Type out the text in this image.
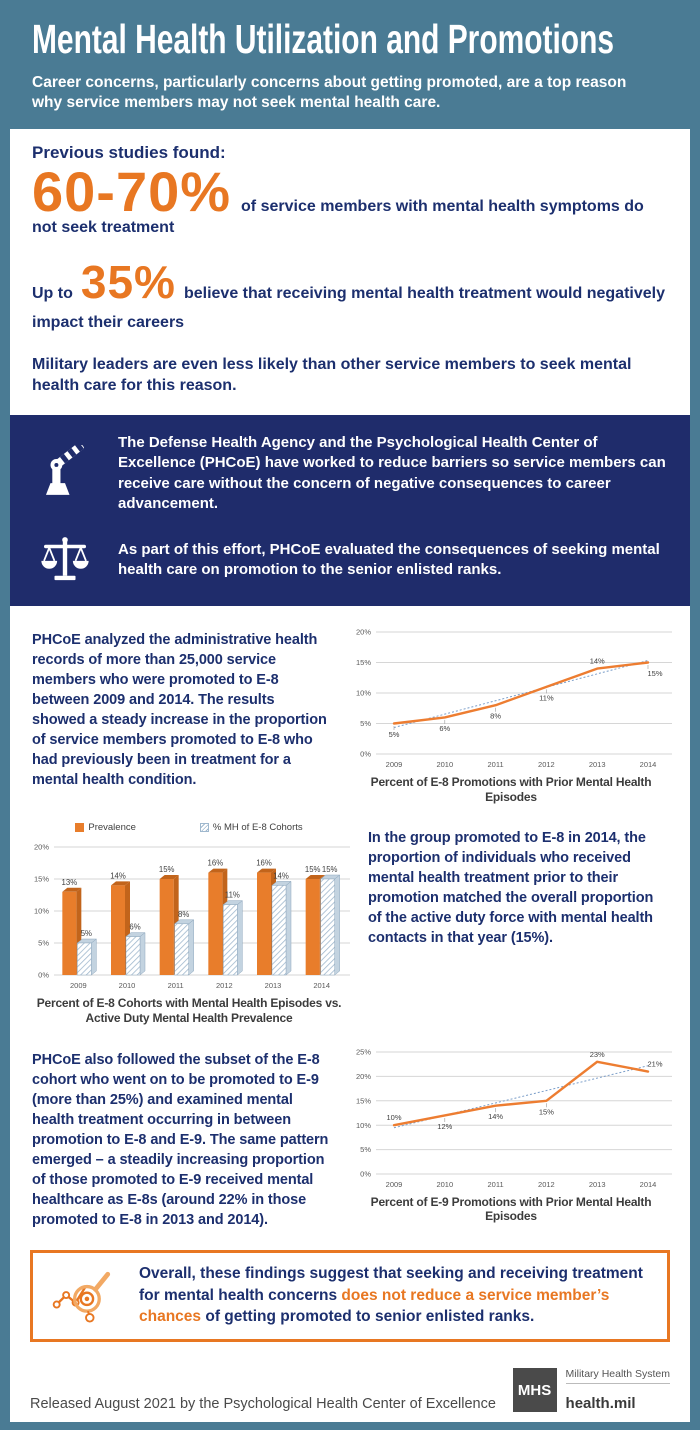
Mental Health Utilization and Promotions

Career concerns, particularly concerns about getting promoted, are a top reason why service members may not seek mental health care.

Previous studies found:

60-70% of service members with mental health symptoms do not seek treatment

Up to 35% believe that receiving mental health treatment would negatively impact their careers

Military leaders are even less likely than other service members to seek mental health care for this reason.

The Defense Health Agency and the Psychological Health Center of Excellence (PHCoE) have worked to reduce barriers so service members can receive care without the concern of negative consequences to career advancement.

As part of this effort, PHCoE evaluated the consequences of seeking mental health care on promotion to the senior enlisted ranks.

PHCoE analyzed the administrative health records of more than 25,000 service members who were promoted to E-8 between 2009 and 2014. The results showed a steady increase in the proportion of service members promoted to E-8 who had previously been in treatment for a mental health condition.

0%
5%
10%
15%
20%
2009	2010	2011	2012	2013	2014
5%
6%
8%
11%
14%
15%
Percent of E-8 Promotions with Prior Mental Health Episodes
Prevalence	% MH of E-8 Cohorts
0%
5%
10%
15%
20%
2009	2010	2011	2012	2013	2014
13%
5%
14%
6%
15%
8%
16%
11%
16%
14%
15% 15%
Percent of E-8 Cohorts with Mental Health Episodes vs. Active Duty Mental Health Prevalence

In the group promoted to E-8 in 2014, the proportion of individuals who received mental health treatment prior to their promotion matched the overall proportion of the active duty force with mental health contacts in that year (15%).

PHCoE also followed the subset of the E-8 cohort who went on to be promoted to E-9 (more than 25%) and examined mental health treatment occurring in between promotion to E-8 and E-9. The same pattern emerged – a steadily increasing proportion of those promoted to E-9 received mental healthcare as E-8s (around 22% in those promoted to E-8 in 2013 and 2014).

0%
5%
10%
15%
20%
25%
2009	2010	2011	2012	2013	2014
10%
12%
14%
15%
23%
21%
Percent of E-9 Promotions with Prior Mental Health Episodes

Overall, these findings suggest that seeking and receiving treatment for mental health concerns does not reduce a service member’s chances of getting promoted to senior enlisted ranks.

Released August 2021 by the Psychological Health Center of Excellence
MHS
Military Health System
health.mil
